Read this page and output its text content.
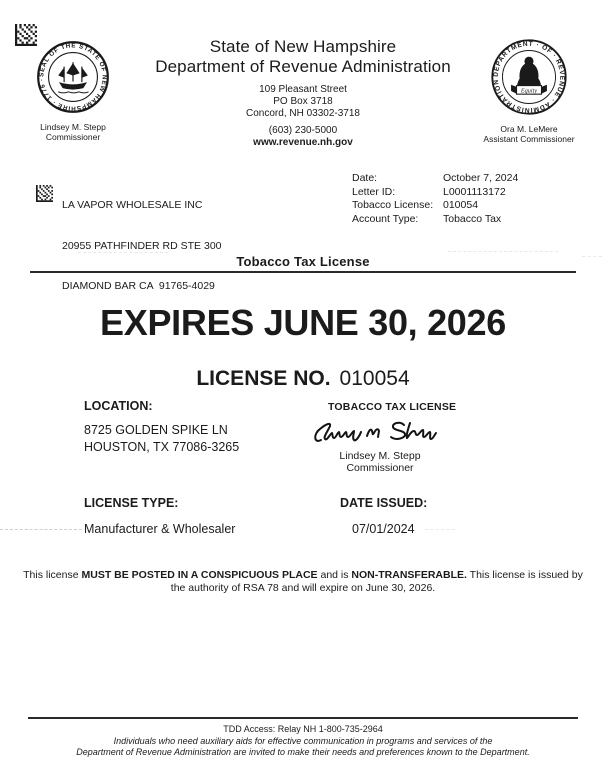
State of New Hampshire
Department of Revenue Administration
109 Pleasant Street
PO Box 3718
Concord, NH 03302-3718
(603) 230-5000
www.revenue.nh.gov
SEAL OF THE STATE OF NEW HAMPSHIRE · 1776 ·
Lindsey M. Stepp
Commissioner
DEPARTMENT · OF · REVENUE · ADMINISTRATION
Equity
Ora M. LeMere
Assistant Commissioner

LA VAPOR WHOLESALE INC

20955 PATHFINDER RD STE 300

DIAMOND BAR CA  91765-4029

Date:	October 7, 2024
Letter ID:	L0001113172
Tobacco License: 010054
Account Type:	Tobacco Tax
Tobacco Tax License
EXPIRES JUNE 30, 2026
LICENSE NO. 010054
LOCATION:
8725 GOLDEN SPIKE LN
HOUSTON, TX 77086-3265
TOBACCO TAX LICENSE
Lindsey M. Stepp
Commissioner
LICENSE TYPE:	DATE ISSUED:
Manufacturer & Wholesaler	07/01/2024
This license MUST BE POSTED IN A CONSPICUOUS PLACE and is NON-TRANSFERABLE. This license is issued by the authority of RSA 78 and will expire on June 30, 2026.
TDD Access: Relay NH 1-800-735-2964
Individuals who need auxiliary aids for effective communication in programs and services of the
Department of Revenue Administration are invited to make their needs and preferences known to the Department.
